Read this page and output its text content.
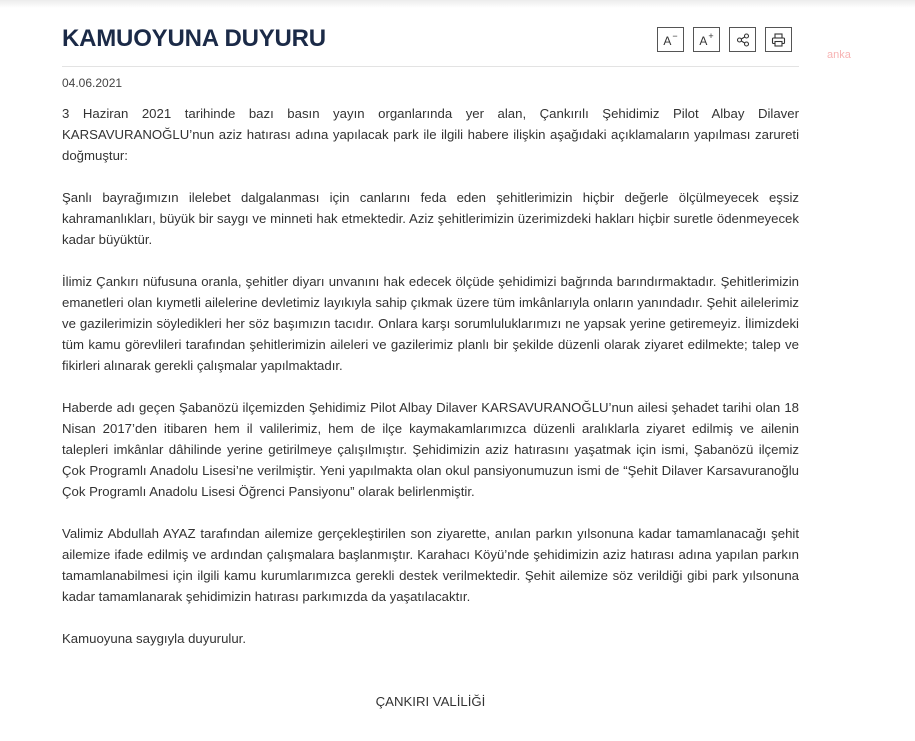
KAMUOYUNA DUYURU	A− A+
anka
04.06.2021

3 Haziran 2021 tarihinde bazı basın yayın organlarında yer alan, Çankırılı Şehidimiz Pilot Albay Dilaver KARSAVURANOĞLU’nun aziz hatırası adına yapılacak park ile ilgili habere ilişkin aşağıdaki açıklamaların yapılması zarureti doğmuştur:

Şanlı bayrağımızın ilelebet dalgalanması için canlarını feda eden şehitlerimizin hiçbir değerle ölçülmeyecek eşsiz kahramanlıkları, büyük bir saygı ve minneti hak etmektedir. Aziz şehitlerimizin üzerimizdeki hakları hiçbir suretle ödenmeyecek kadar büyüktür.

İlimiz Çankırı nüfusuna oranla, şehitler diyarı unvanını hak edecek ölçüde şehidimizi bağrında barındırmaktadır. Şehitlerimizin emanetleri olan kıymetli ailelerine devletimiz layıkıyla sahip çıkmak üzere tüm imkânlarıyla onların yanındadır. Şehit ailelerimiz ve gazilerimizin söyledikleri her söz başımızın tacıdır. Onlara karşı sorumluluklarımızı ne yapsak yerine getiremeyiz. İlimizdeki tüm kamu görevlileri tarafından şehitlerimizin aileleri ve gazilerimiz planlı bir şekilde düzenli olarak ziyaret edilmekte; talep ve fikirleri alınarak gerekli çalışmalar yapılmaktadır.

Haberde adı geçen Şabanözü ilçemizden Şehidimiz Pilot Albay Dilaver KARSAVURANOĞLU’nun ailesi şehadet tarihi olan 18 Nisan 2017’den itibaren hem il valilerimiz, hem de ilçe kaymakamlarımızca düzenli aralıklarla ziyaret edilmiş ve ailenin talepleri imkânlar dâhilinde yerine getirilmeye çalışılmıştır. Şehidimizin aziz hatırasını yaşatmak için ismi, Şabanözü ilçemiz Çok Programlı Anadolu Lisesi’ne verilmiştir. Yeni yapılmakta olan okul pansiyonumuzun ismi de “Şehit Dilaver Karsavuranoğlu Çok Programlı Anadolu Lisesi Öğrenci Pansiyonu” olarak belirlenmiştir.

Valimiz Abdullah AYAZ tarafından ailemize gerçekleştirilen son ziyarette, anılan parkın yılsonuna kadar tamamlanacağı şehit ailemize ifade edilmiş ve ardından çalışmalara başlanmıştır. Karahacı Köyü’nde şehidimizin aziz hatırası adına yapılan parkın tamamlanabilmesi için ilgili kamu kurumlarımızca gerekli destek verilmektedir. Şehit ailemize söz verildiği gibi park yılsonuna kadar tamamlanarak şehidimizin hatırası parkımızda da yaşatılacaktır.

Kamuoyuna saygıyla duyurulur.

ÇANKIRI VALİLİĞİ
